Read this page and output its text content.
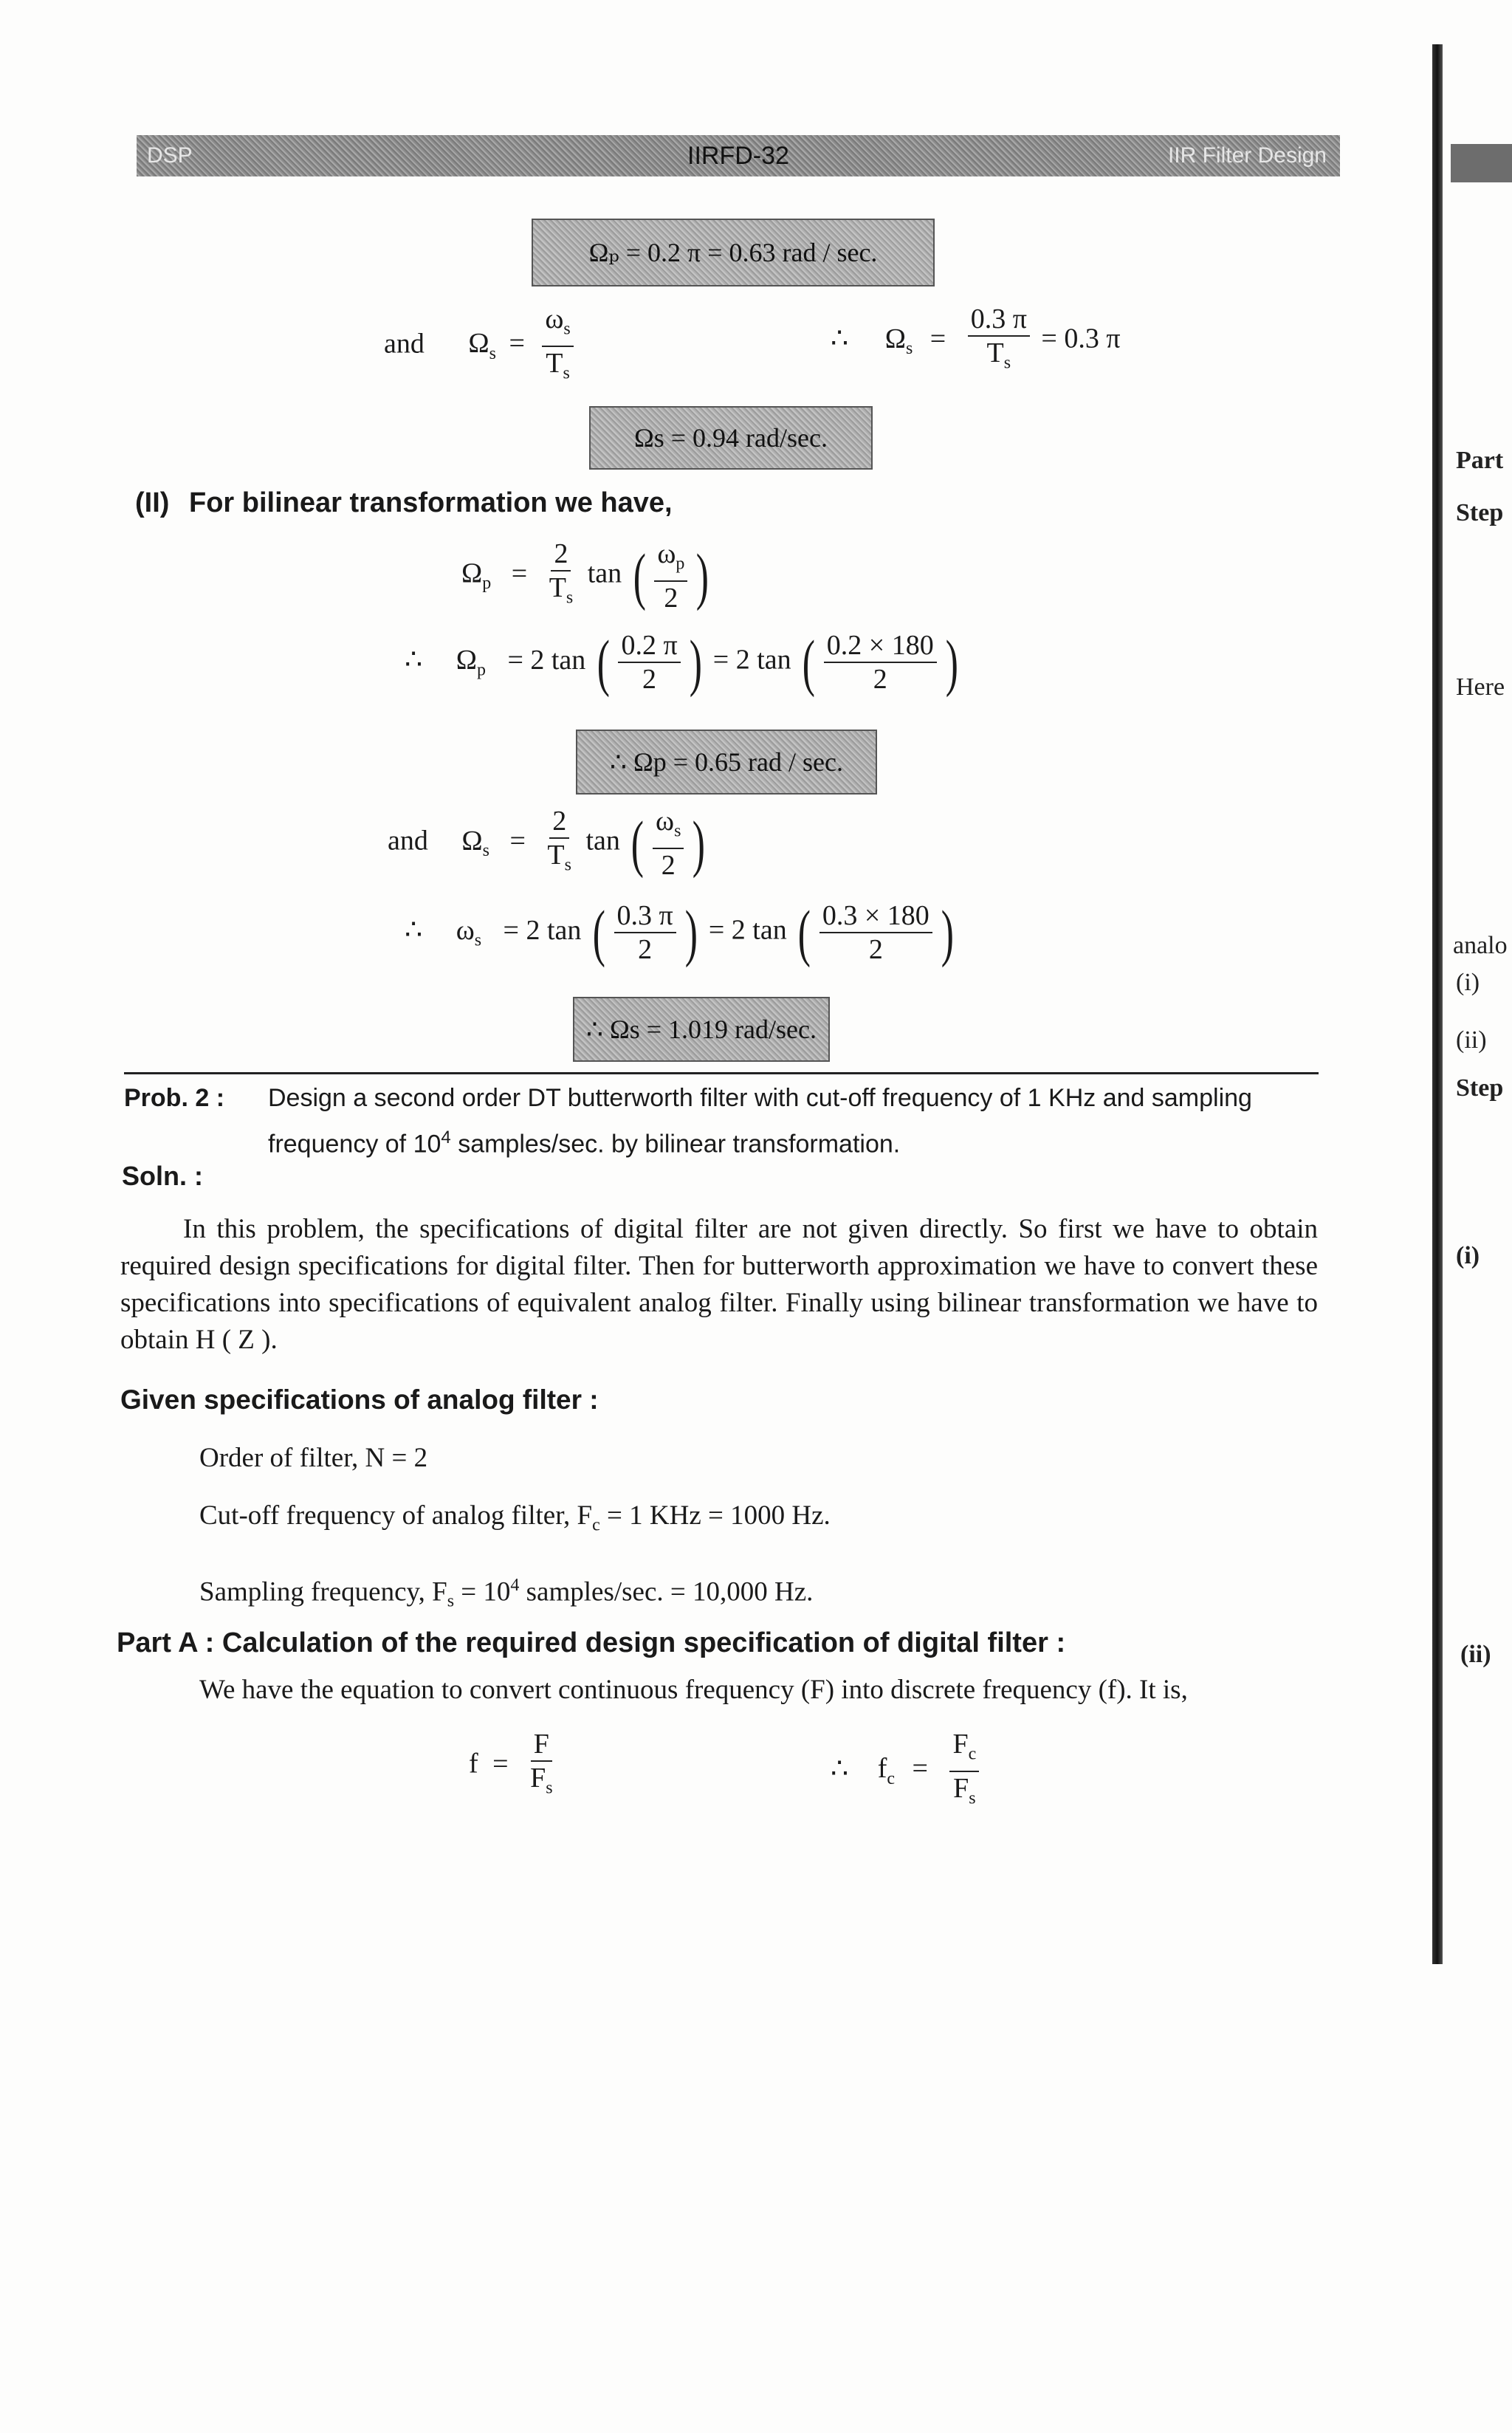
DSP	IIRFD-32	IIR Filter Design
Ωₚ = 0.2 π = 0.63 rad / sec.
and $\Omega_s = \frac{\omega_s}{T_s}$	∴ $\Omega_s = \frac{0.3 \pi}{T_s} = 0.3$ π
Ωs = 0.94 rad/sec.
(II) For bilinear transformation we have,
$\Omega_p = \frac{2}{T_s}$ tan ( $\frac{\omega_p}{2}$ )
∴ $\Omega_p = 2$ tan ( $\frac{0.2 \pi}{2}$ ) = 2 tan ( $\frac{0.2 \times 180}{2}$ )
∴ Ωp = 0.65 rad / sec.
and $\Omega_s = \frac{2}{T_s}$ tan ( $\frac{\omega_s}{2}$ )
∴ $\omega_s = 2$ tan ( $\frac{0.3 \pi}{2}$ ) = 2 tan ( $\frac{0.3 \times 180}{2}$ )
∴ Ωs = 1.019 rad/sec.
Prob. 2 :	Design a second order DT butterworth filter with cut-off frequency of 1 KHz and sampling
frequency of $10^4$ samples/sec. by bilinear transformation.
Soln. :
In this problem, the specifications of digital filter are not given directly. So first we have to obtain required design specifications for digital filter. Then for butterworth approximation we have to convert these specifications into specifications of equivalent analog filter. Finally using bilinear transformation we have to obtain H ( Z ).
Given specifications of analog filter :
Order of filter, N = 2
Cut-off frequency of analog filter, $F_c = 1$ KHz = 1000 Hz.
Sampling frequency, $F_s = 10^4$ samples/sec. = 10,000 Hz.
Part A : Calculation of the required design specification of digital filter :
We have the equation to convert continuous frequency (F) into discrete frequency (f). It is,
$f = \frac{F}{F_s}$	∴ $f_c = \frac{F_c}{F_s}$
Part
Step
Here
analo
(i)
(ii)
Step
(i)
(ii)
